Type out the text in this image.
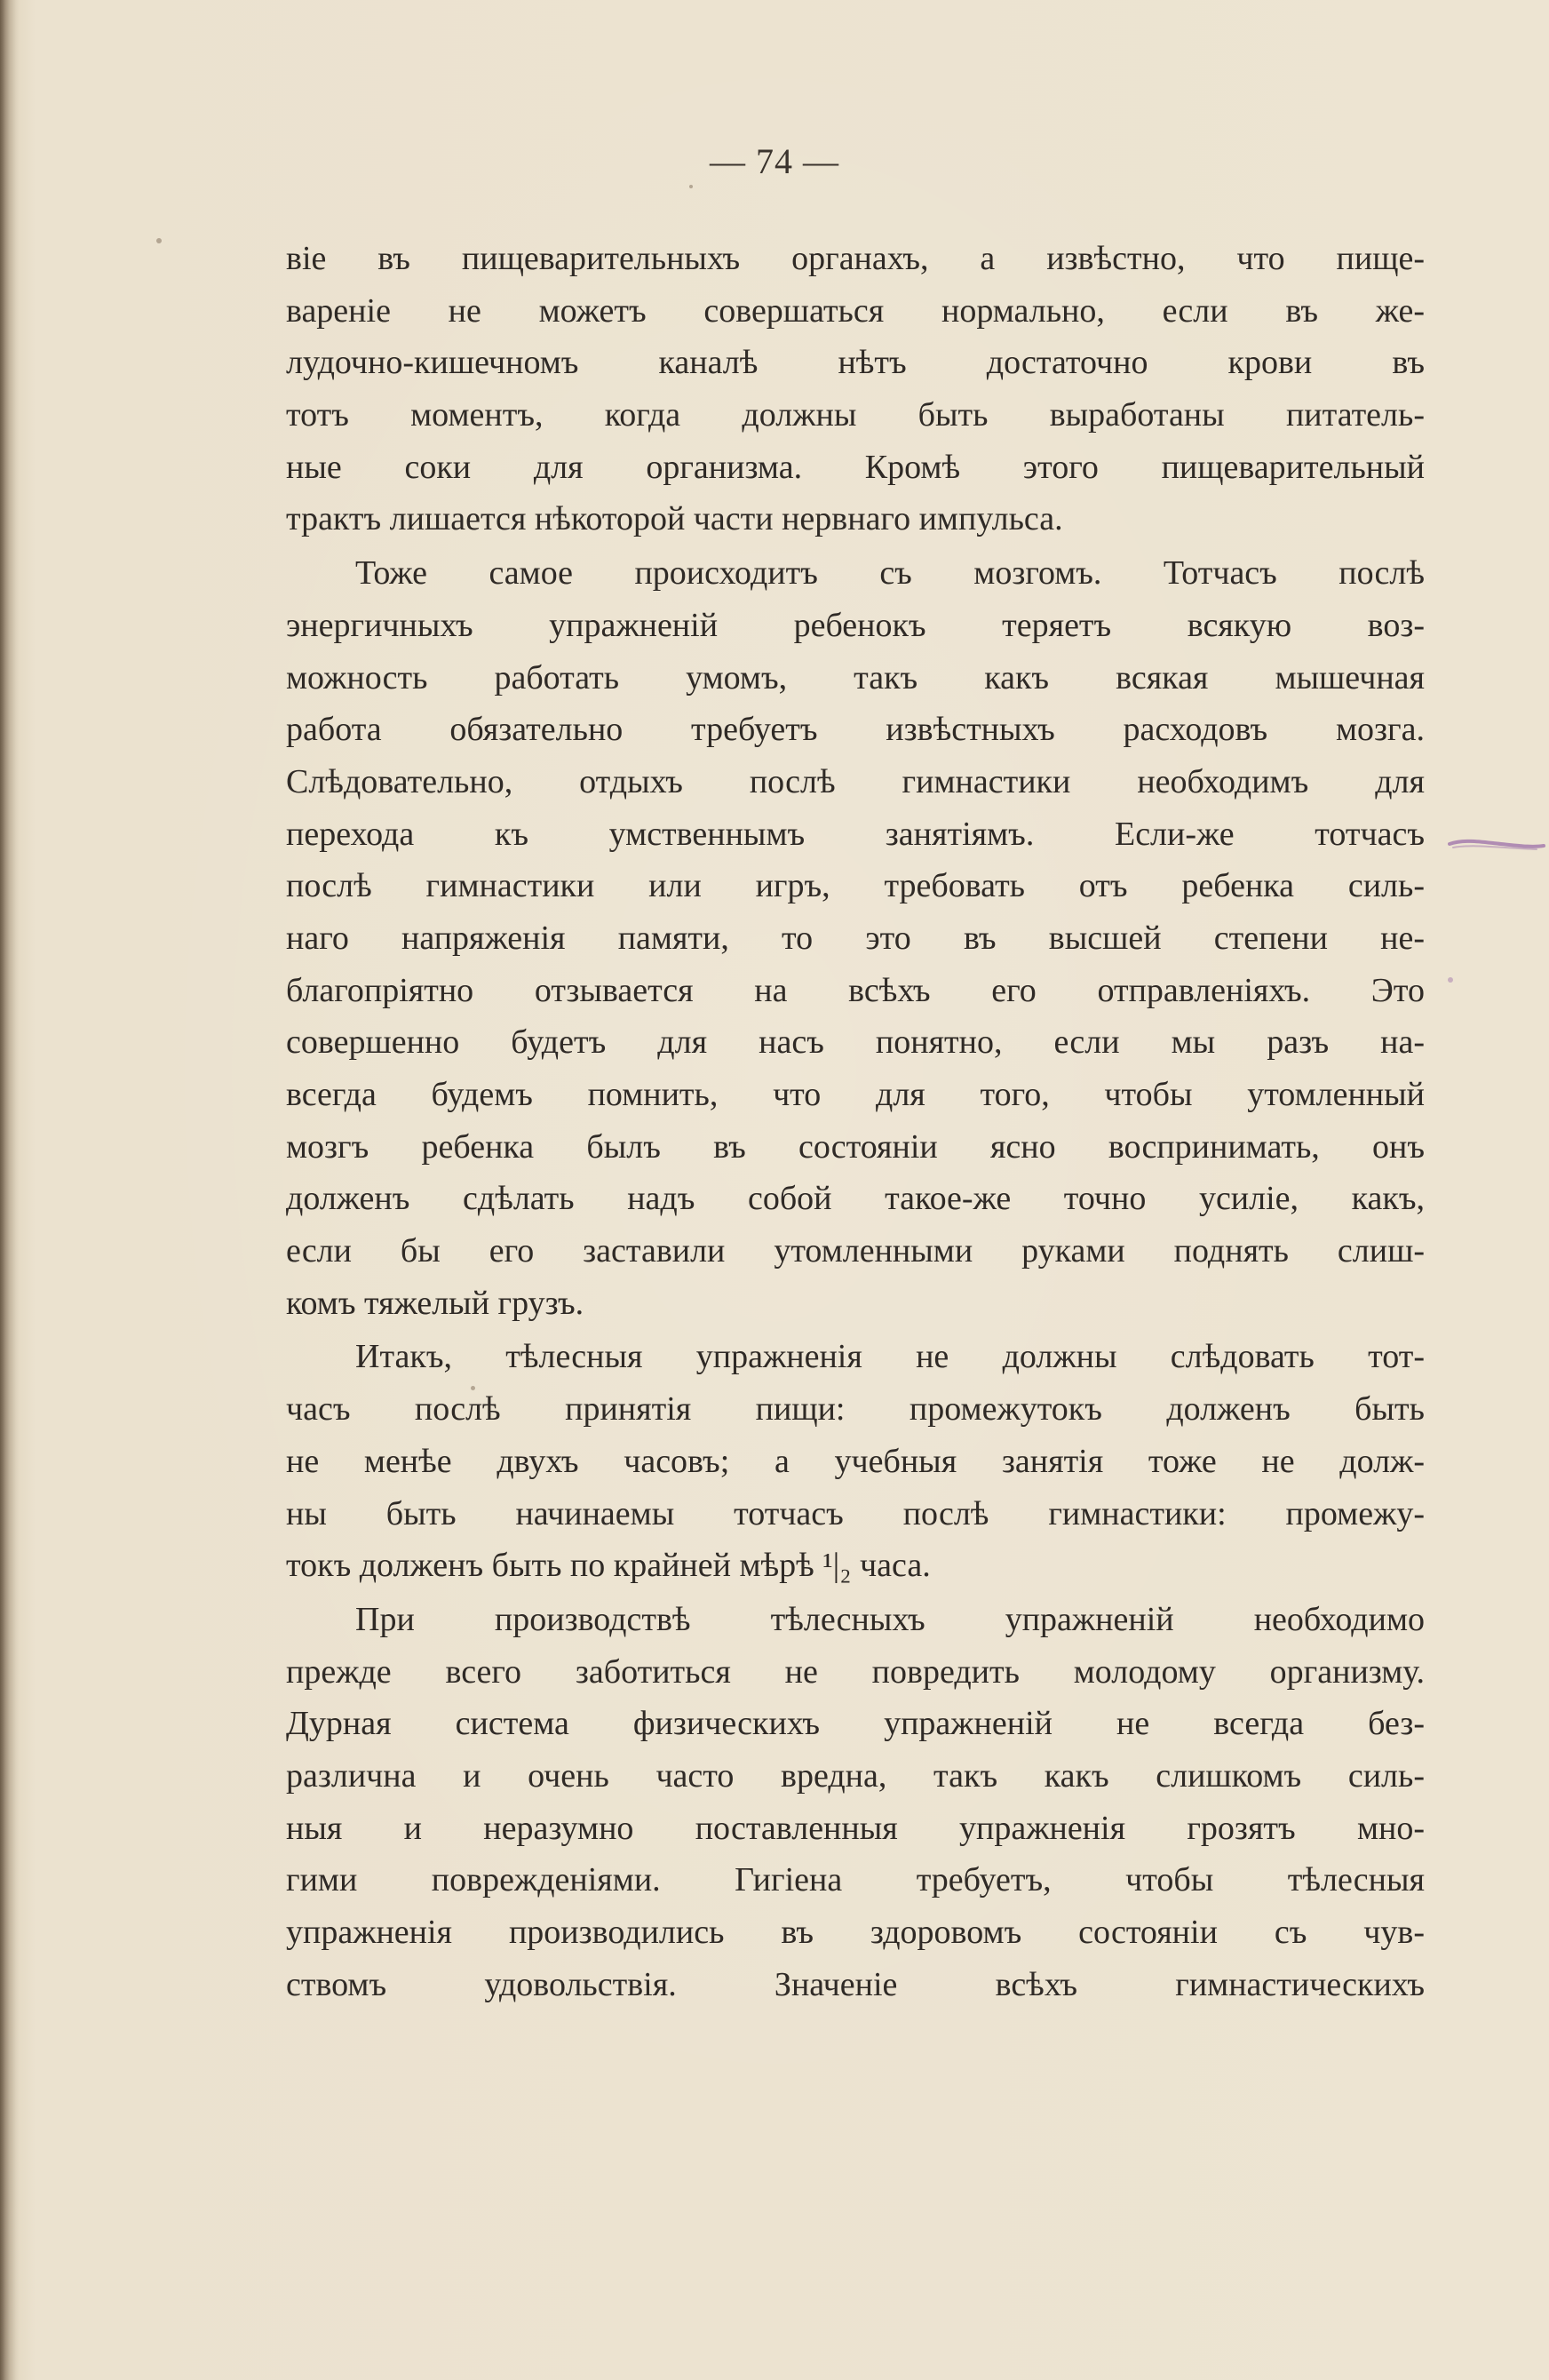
— 74 —

віе въ пищеварительныхъ органахъ, а извѣстно, что пище-
вареніе не можетъ совершаться нормально, если въ же-
лудочно-кишечномъ каналѣ нѣтъ достаточно крови въ
тотъ моментъ, когда должны быть выработаны питатель-
ные соки для организма. Кромѣ этого пищеварительный
трактъ лишается нѣкоторой части нервнаго импульса.

Тоже самое происходитъ съ мозгомъ. Тотчасъ послѣ
энергичныхъ упражненій ребенокъ теряетъ всякую воз-
можность работать умомъ, такъ какъ всякая мышечная
работа обязательно требуетъ извѣстныхъ расходовъ мозга.
Слѣдовательно, отдыхъ послѣ гимнастики необходимъ для
перехода къ умственнымъ занятіямъ. Если-же тотчасъ
послѣ гимнастики или игръ, требовать отъ ребенка силь-
наго напряженія памяти, то это въ высшей степени не-
благопріятно отзывается на всѣхъ его отправленіяхъ. Это
совершенно будетъ для насъ понятно, если мы разъ на-
всегда будемъ помнить, что для того, чтобы утомленный
мозгъ ребенка былъ въ состояніи ясно воспринимать, онъ
долженъ сдѣлать надъ собой такое-же точно усиліе, какъ,
если бы его заставили утомленными руками поднять слиш-
комъ тяжелый грузъ.

Итакъ, тѣлесныя упражненія не должны слѣдовать тот-
часъ послѣ принятія пищи: промежутокъ долженъ быть
не менѣе двухъ часовъ; а учебныя занятія тоже не долж-
ны быть начинаемы тотчасъ послѣ гимнастики: промежу-
токъ долженъ быть по крайней мѣрѣ ¹|₂ часа.

При производствѣ тѣлесныхъ упражненій необходимо
прежде всего заботиться не повредить молодому организму.
Дурная система физическихъ упражненій не всегда без-
различна и очень часто вредна, такъ какъ слишкомъ силь-
ныя и неразумно поставленныя упражненія грозятъ мно-
гими поврежденіями. Гигіена требуетъ, чтобы тѣлесныя
упражненія производились въ здоровомъ состояніи съ чув-
ствомъ удовольствія. Значеніе всѣхъ гимнастическихъ
